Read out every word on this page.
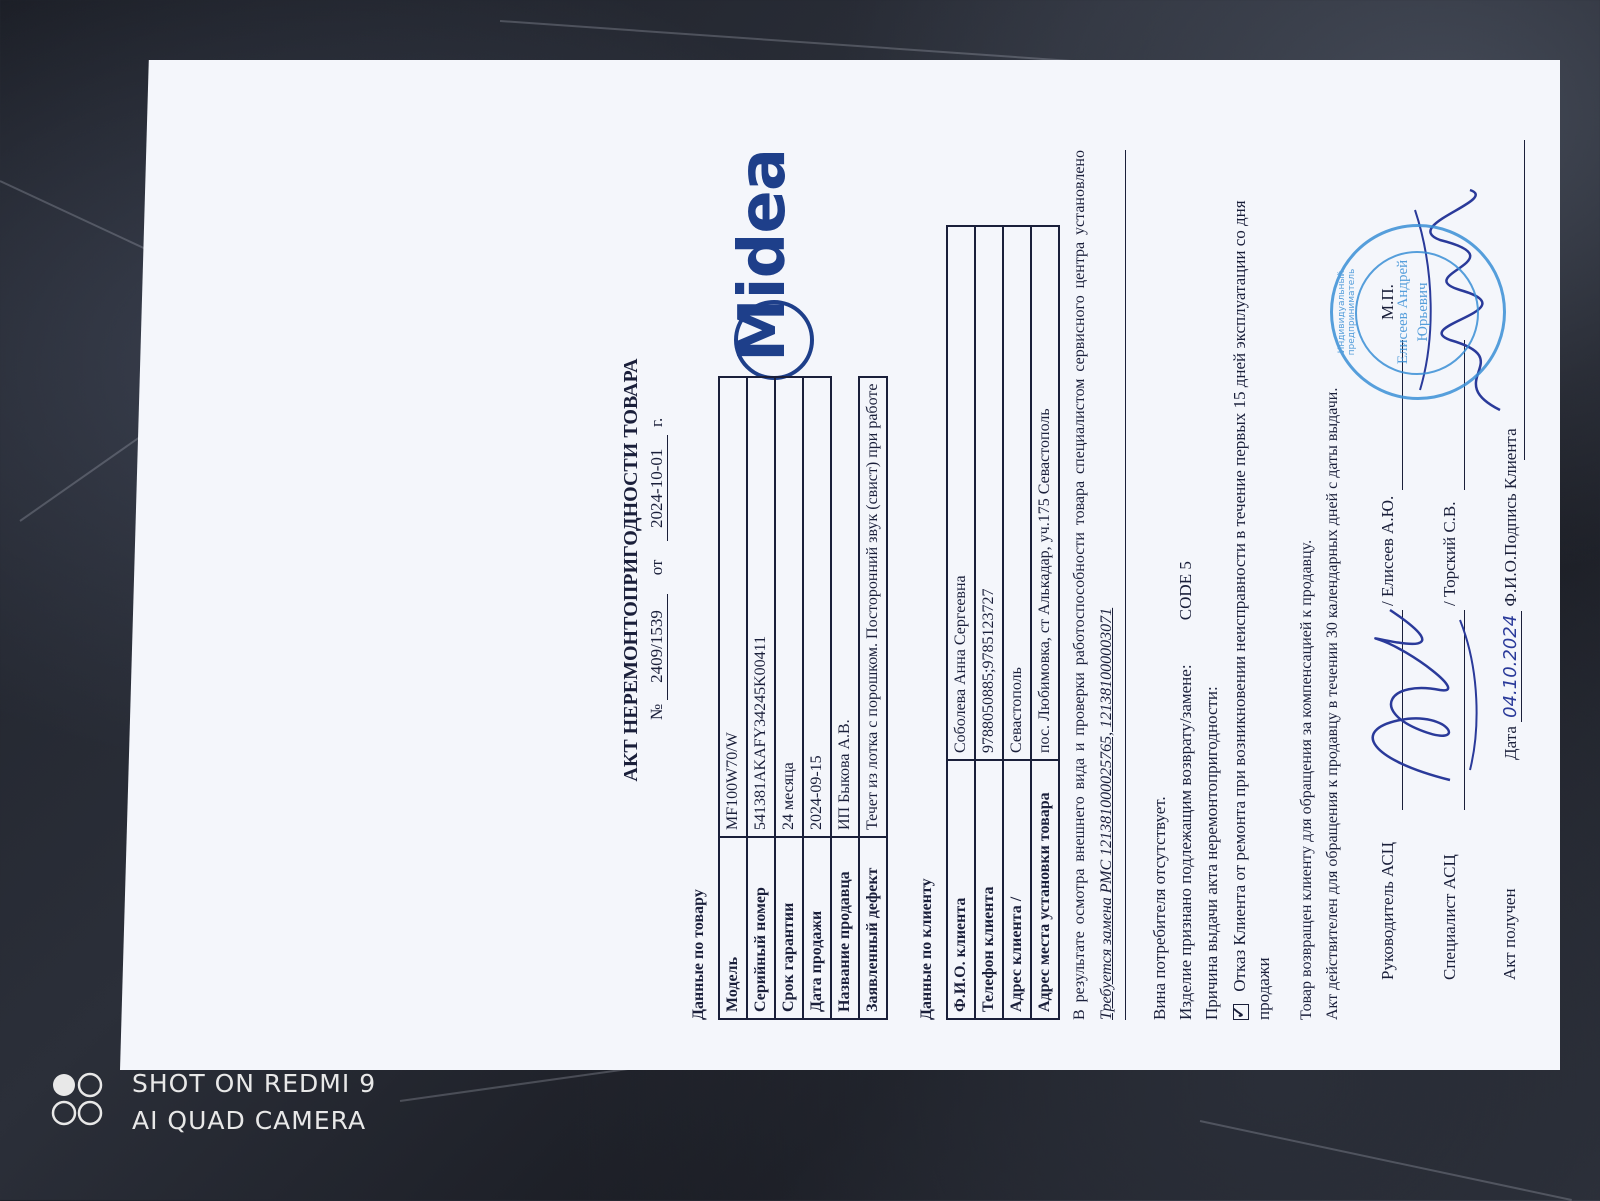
АКТ НЕРЕМОНТОПРИГОДНОСТИ ТОВАРА № 2409/1539 от 2024-10-01 г.
Midea
Данные по товару Модель	MF100W70/W
Серийный номер	541381AKAFY34245K00411
Срок гарантии	24 месяца
Дата продажи	2024-09-15
Название продавца	ИП Быкова А.В.
Заявленный дефект	Течет из лотка с порошком. Посторонний звук (свист) при работе
Данные по клиенту Ф.И.О. клиента	Соболева Анна Сергеевна
Телефон клиента	9788050885;9785123727
Адрес клиента /	Севастополь
Адрес места установки товара	пос. Любимовка, ст Алькадар, уч.175 Севастополь	В результате осмотра внешнего вида и проверки работоспособности товара специалистом сервисного центра установлено Требуется замена РМС 121381000025765, 121381000003071 Вина потребителя отсутствует. Изделие признано подлежащим возврату/замене: CODE 5
Причина выдачи акта неремонтопригодности:
✓ Отказ Клиента от ремонта при возникновении неисправности в течение первых 15 дней эксплуатации со дня продажи Товар возвращен клиенту для обращения за компенсацией к продавцу. Акт действителен для обращения к продавцу в течении 30 календарных дней с даты выдачи. Руководитель АСЦ
/ Елисеев А.Ю.
М.П.
Специалист АСЦ
/ Торский С.В.
Акт получен
Дата 04.10.2024 Ф.И.О.Подпись Клиента
Индивидуальный предприниматель	Елисеев Андрей Юрьевич
SHOT ON REDMI 9
AI QUAD CAMERA
